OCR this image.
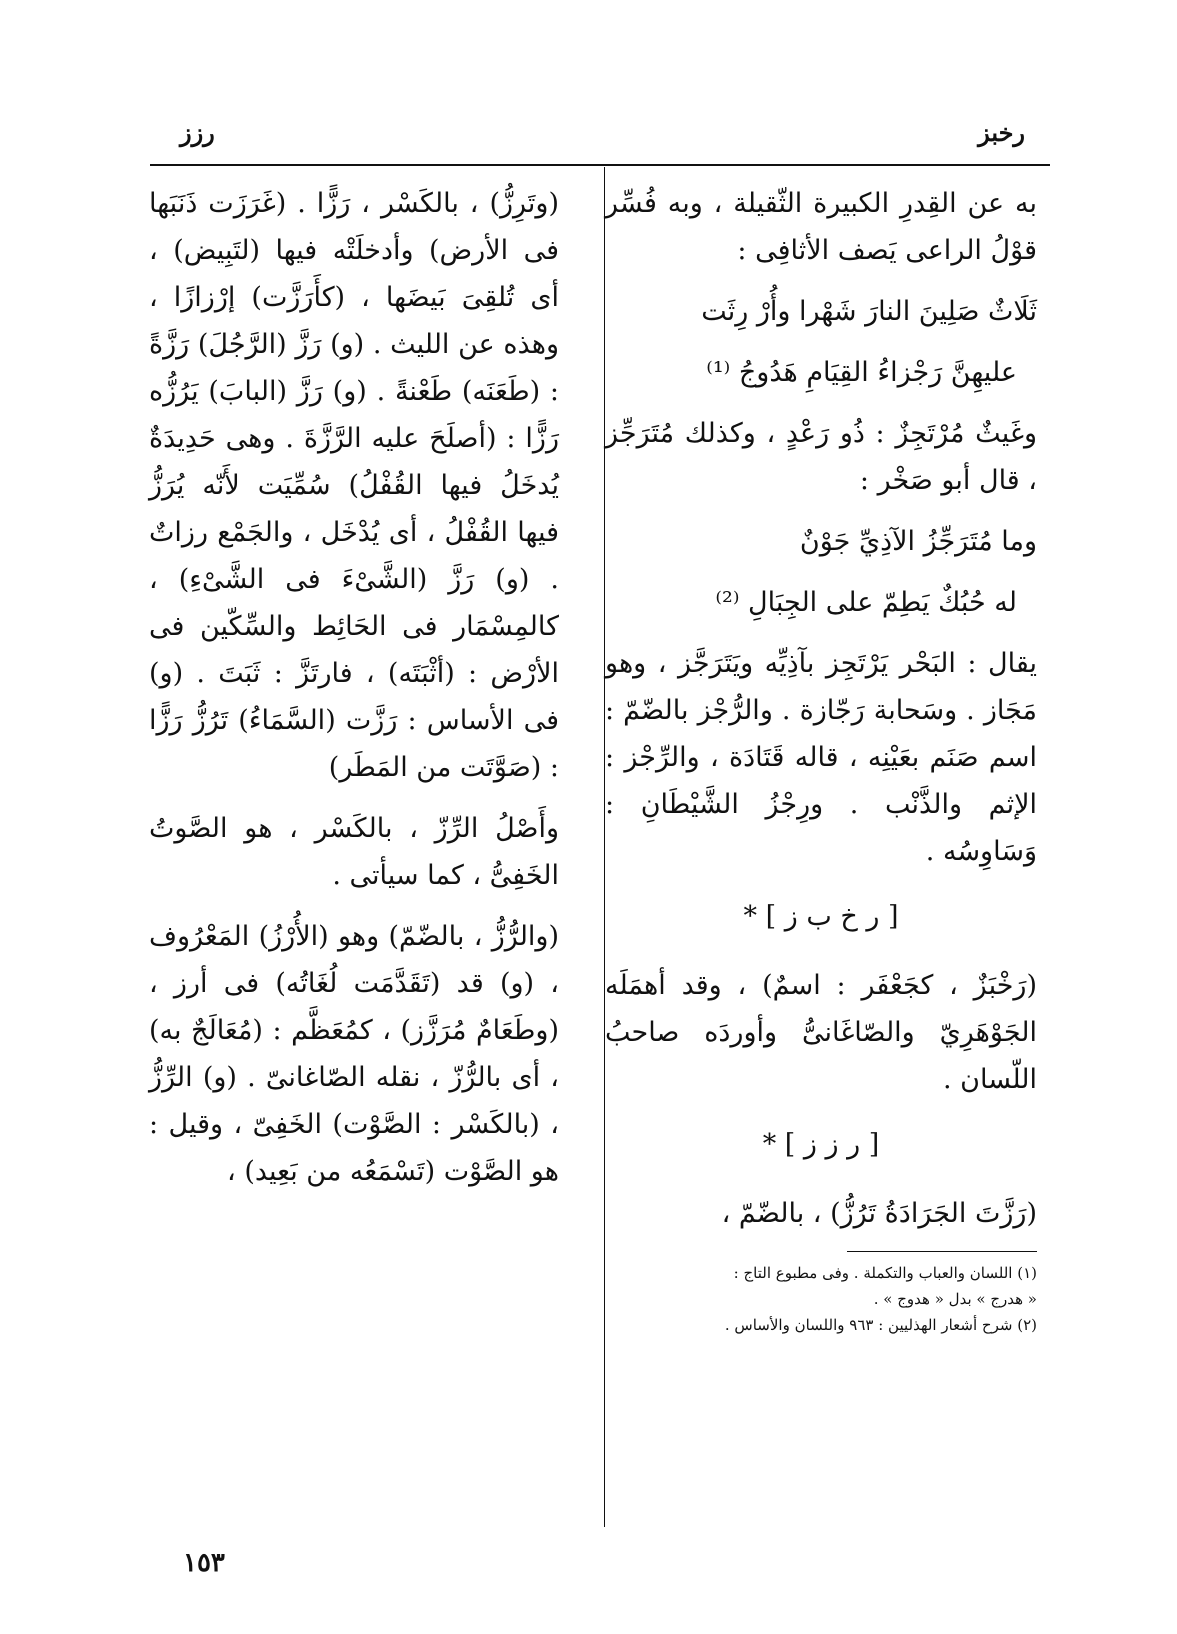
رخبز
رزز

به عن القِدرِ الكبيرة الثّقيلة ، وبه فُسِّر قوْلُ الراعى يَصف الأثافِى :

ثَلَاثٌ صَلِينَ النارَ شَهْرا وأُرْ رِثَت

عليهِنَّ رَجْزاءُ القِيَامِ هَدُوجُ ⁽¹⁾

وغَيثٌ مُرْتَجِزٌ : ذُو رَعْدٍ ، وكذلك مُتَرَجِّز ، قال أبو صَخْر :

وما مُتَرَجِّزُ الآذِيِّ جَوْنٌ

له حُبُكٌ يَطِمّ على الجِبَالِ ⁽²⁾

يقال : البَحْر يَرْتَجِز بآذِيِّه ويَتَرَجَّز ، وهو مَجَاز . وسَحابة رَجّازة . والرُّجْز بالضّمّ : اسم صَنَم بعَيْنِه ، قاله قَتَادَة ، والرِّجْز : الإثم والذَّنْب . ورِجْزُ الشَّيْطَانِ : وَسَاوِسُه .

[ ر خ ب ز ] *

(رَخْبَزٌ ، كجَعْفَر : اسمٌ) ، وقد أهمَلَه الجَوْهَرِيّ والصّاغَانىُّ وأوردَه صاحبُ اللّسان .

[ ر ز ز ] *

(رَزَّتَ الجَرَادَةُ تَرُزُّ) ، بالضّمّ ،

(١) اللسان والعباب والتكملة . وفى مطبوع التاج :
« هدرج » بدل « هدوج » .
(٢) شرح أشعار الهذليين : ٩٦٣ واللسان والأساس .

(وتَرِزُّ) ، بالكَسْر ، رَزًّا . (غَرَزَت ذَنَبَها فى الأرض) وأدخلَتْه فيها (لتَبِيض) ، أى تُلقِىَ بَيضَها ، (كأَرَزَّت) إرْزازًا ، وهذه عن الليث . (و) رَزَّ (الرَّجُلَ) رَزَّةً : (طَعَنَه) طَعْنةً . (و) رَزَّ (البابَ) يَرُزُّه رَزًّا : (أصلَحَ عليه الرَّزَّةَ . وهى حَدِيدَةٌ يُدخَلُ فيها القُفْلُ) سُمِّيَت لأَنّه يُرَزُّ فيها القُفْلُ ، أى يُدْخَل ، والجَمْع رزاتٌ . (و) رَزَّ (الشَّىْءَ فى الشَّىْءِ) ، كالمِسْمَار فى الحَائِط والسِّكّين فى الأرْض : (أثْبَتَه) ، فارتَزَّ : ثَبَتَ . (و) فى الأساس : رَزَّت (السَّمَاءُ) تَرُزُّ رَزًّا : (صَوَّتَت من المَطَر)

وأَصْلُ الرِّزّ ، بالكَسْر ، هو الصَّوتُ الخَفِىُّ ، كما سيأتى .

(والرُّزُّ ، بالضّمّ) وهو (الأُرْزُ) المَعْرُوف ، (و) قد (تَقَدَّمَت لُغَاتُه) فى أرز ، (وطَعَامٌ مُرَزَّز) ، كمُعَظَّم : (مُعَالَجٌ به) ، أى بالرُّزّ ، نقله الصّاغانىّ . (و) الرِّزُّ ، (بالكَسْر : الصَّوْت) الخَفِىّ ، وقيل : هو الصَّوْت (تَسْمَعُه من بَعِيد) ،

١٥٣
